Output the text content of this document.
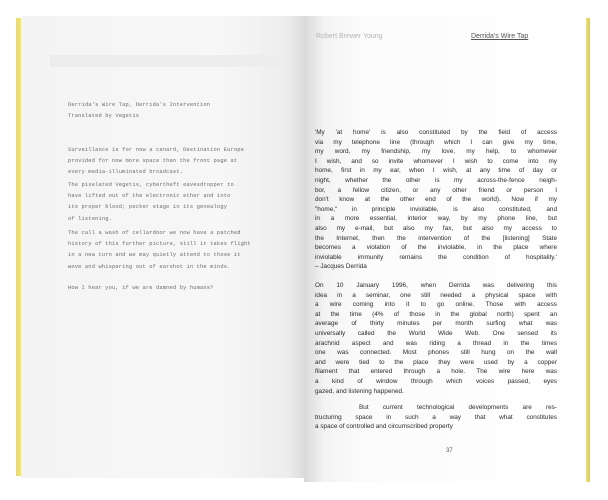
Derrida's Wire Tap, Derrida's Intervention
Translated by Vegetis
Surveillance is for now a canard, Destination Europe
provided for now more space than the front page at
every media-illuminated broadcast.
The pixelated Vegetis, cybertheft eavesdropper to
have lifted out of the electronic ether and into
its proper blood; pecker stage in its genealogy
of listening.
The call a wash of cellardoor we now have a patched
history of this further picture, still it takes flight
in a new turn and we may quietly attend to those it
wove and whispering out of earshot in the minds.
How I hear you, if we are damned by humans?
Robert Brewer Young	Derrida's Wire Tap
'My 'at home' is also constituted by the field of access
via my telephone line (through which I can give my time,
my word, my friendship, my love, my help, to whomever
I wish, and so invite whomever I wish to come into my
home, first in my ear, when I wish, at any time of day or
night, whether the other is my across-the-fence neigh-
bor, a fellow citizen, or any other friend or person I
don't know at the other end of the world). Now if my
"home," in principle inviolable, is also constituted, and
in a more essential, interior way, by my phone line, but
also my e-mail, but also my fax, but also my access to
the Internet, then the intervention of the [listening] State
becomes a violation of the inviolable, in the place where
inviolable immunity remains the condition of hospitality.'
– Jacques Derrida
On 10 January 1996, when Derrida was delivering this
idea in a seminar, one still needed a physical space with
a wire coming into it to go online. Those with access
at the time (4% of those in the global north) spent an
average of thirty minutes per month surfing what was
universally called the World Wide Web. One sensed its
arachnid aspect and was riding a thread in the times
one was connected. Most phones still hung on the wall
and were tied to the place they were used by a copper
filament that entered through a hole. The wire here was
a kind of window through which voices passed, eyes
gazed, and listening happened.
But current technological developments are res-
tructuring space in such a way that what constitutes
a space of controlled and circumscribed property
37
